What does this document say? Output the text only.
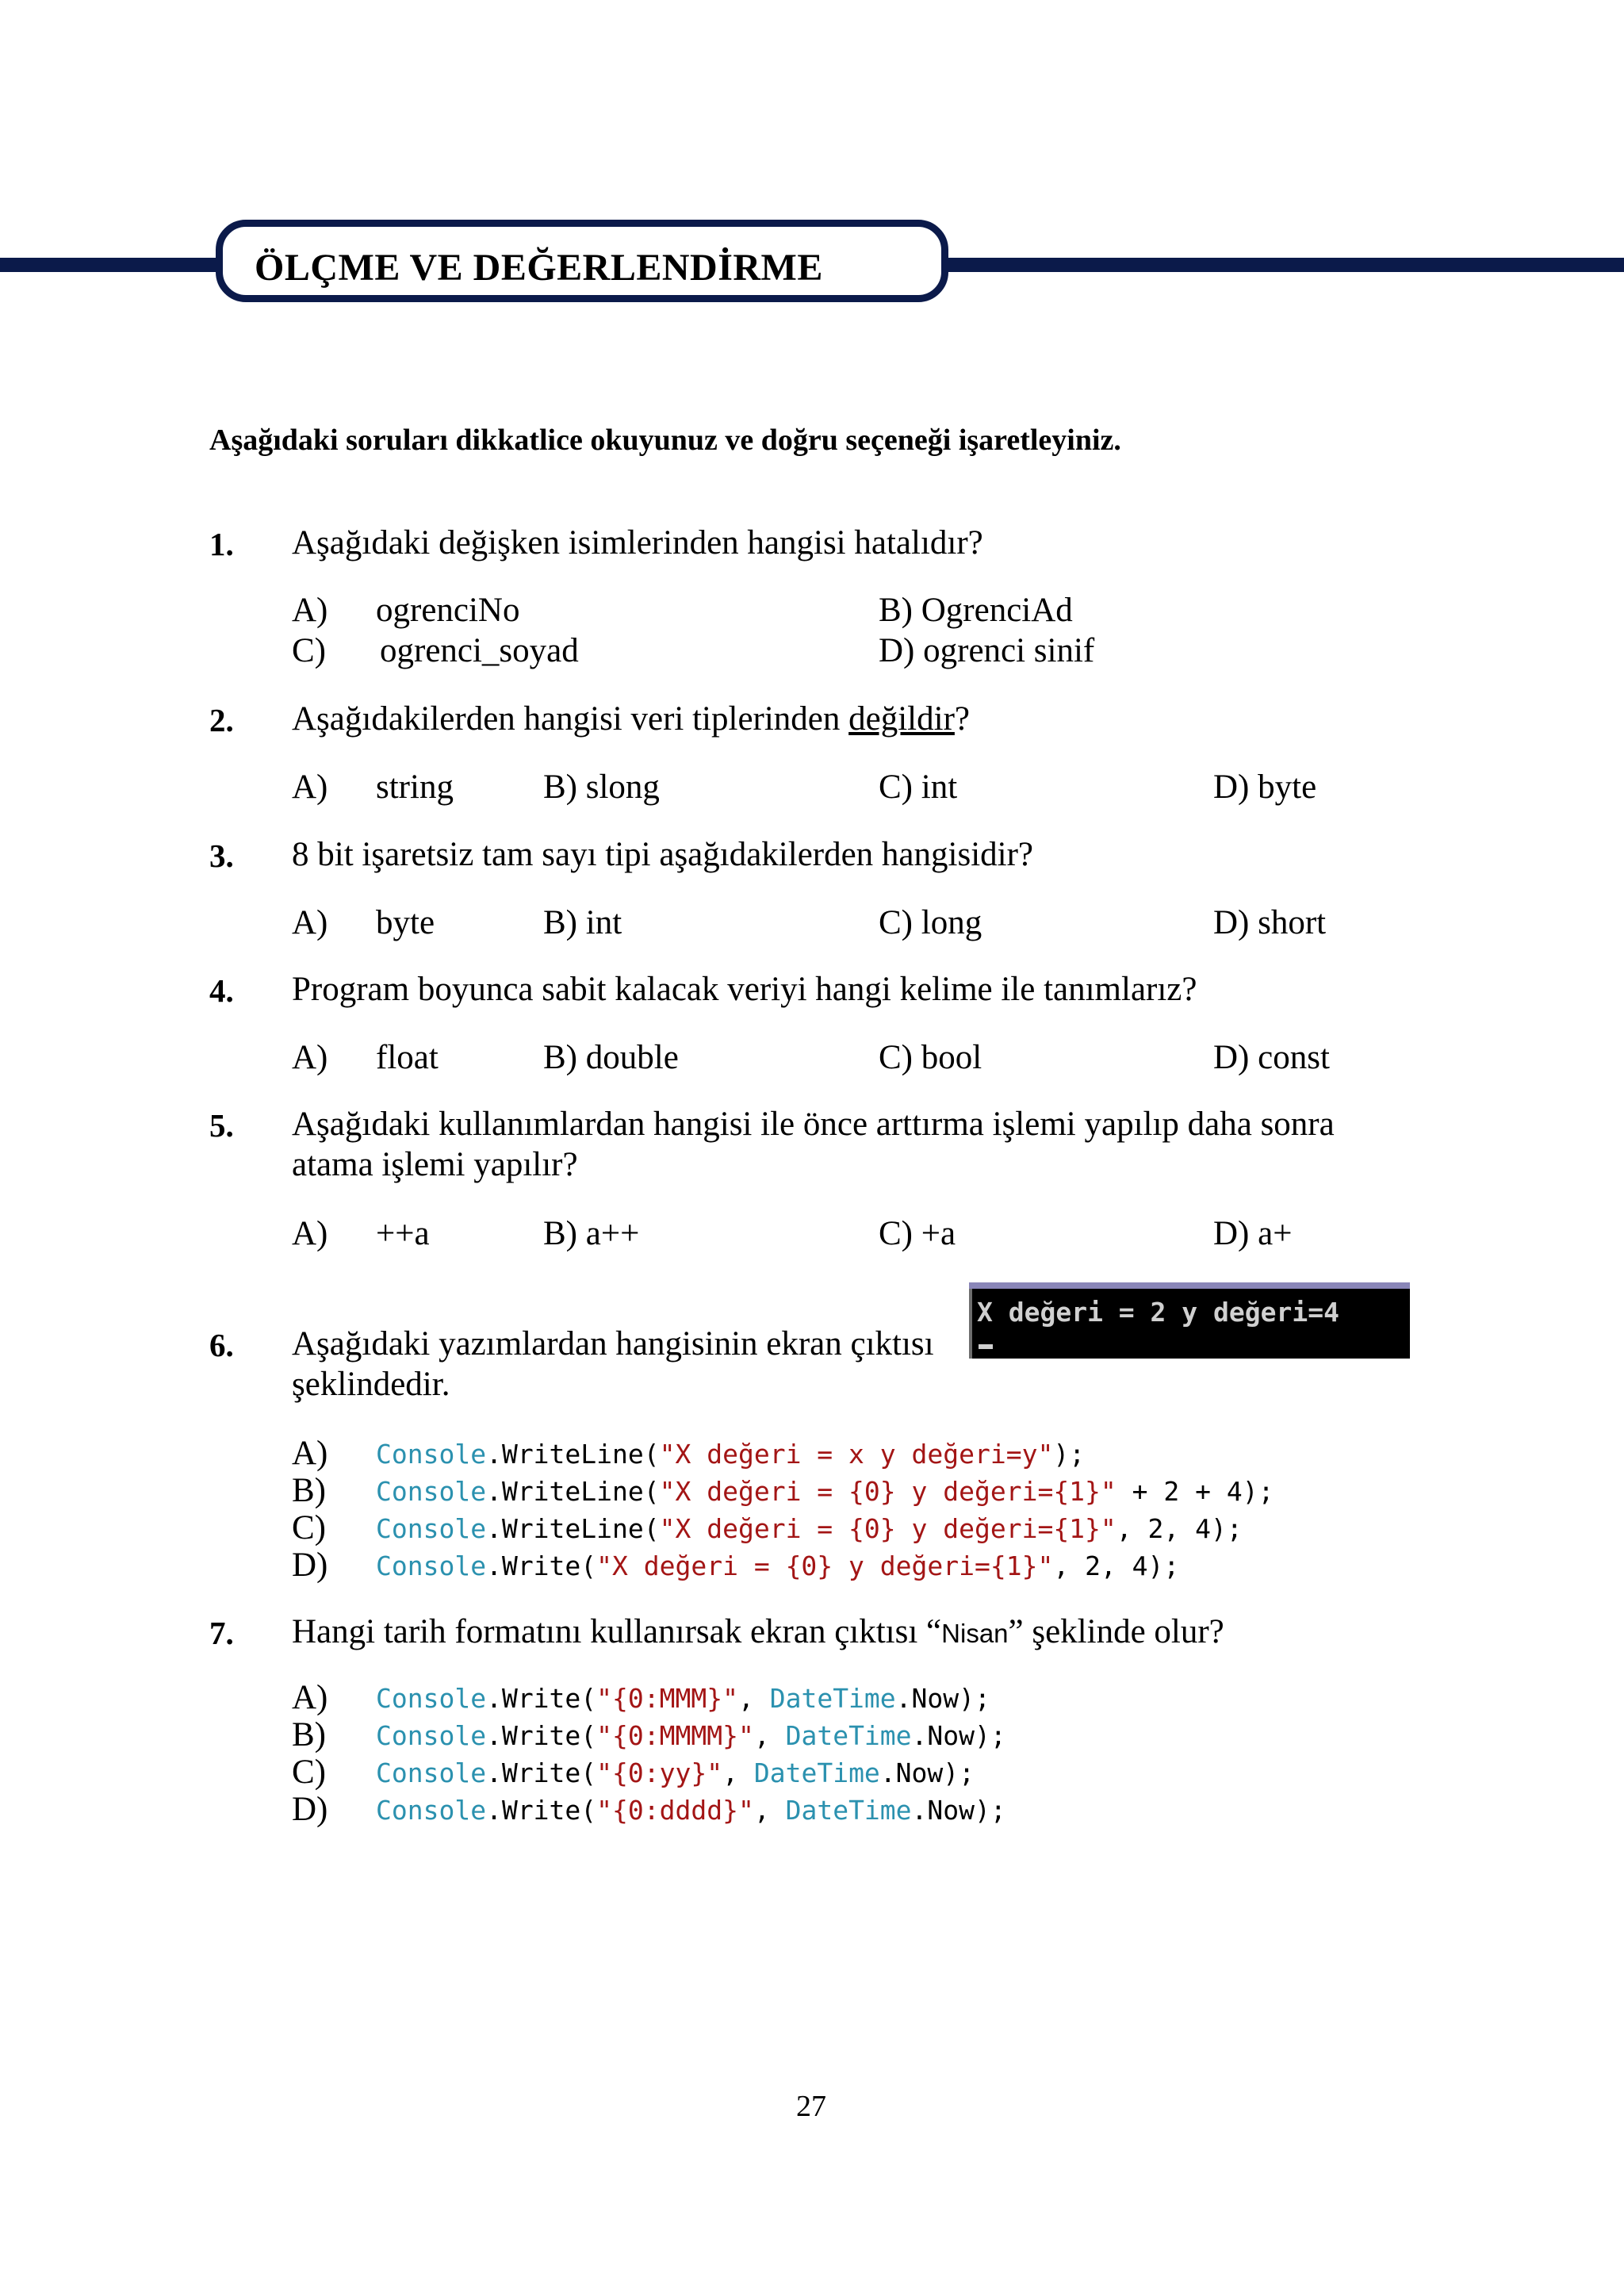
ÖLÇME VE DEĞERLENDİRME
Aşağıdaki soruları dikkatlice okuyunuz ve doğru seçeneği işaretleyiniz.
1. Aşağıdaki değişken isimlerinden hangisi hatalıdır?
A) ogrenciNo	B) OgrenciAd
C) ogrenci_soyad	D) ogrenci sinif
2. Aşağıdakilerden hangisi veri tiplerinden değildir?
A) string	B) slong	C) int	D) byte
3. 8 bit işaretsiz tam sayı tipi aşağıdakilerden hangisidir?
A) byte	B) int	C) long	D) short
4. Program boyunca sabit kalacak veriyi hangi kelime ile tanımlarız?
A) float	B) double	C) bool	D) const
5. Aşağıdaki kullanımlardan hangisi ile önce arttırma işlemi yapılıp daha sonra
atama işlemi yapılır?
A) ++a	B) a++	C) +a	D) a+
X değeri = 2 y değeri=4
6. Aşağıdaki yazımlardan hangisinin ekran çıktısı
şeklindedir.
A) Console.WriteLine("X değeri = x y değeri=y");
B) Console.WriteLine("X değeri = {0} y değeri={1}" + 2 + 4);
C) Console.WriteLine("X değeri = {0} y değeri={1}", 2, 4);
D) Console.Write("X değeri = {0} y değeri={1}", 2, 4);
7. Hangi tarih formatını kullanırsak ekran çıktısı “Nisan” şeklinde olur?
A) Console.Write("{0:MMM}", DateTime.Now);
B) Console.Write("{0:MMMM}", DateTime.Now);
C) Console.Write("{0:yy}", DateTime.Now);
D) Console.Write("{0:dddd}", DateTime.Now);
27
